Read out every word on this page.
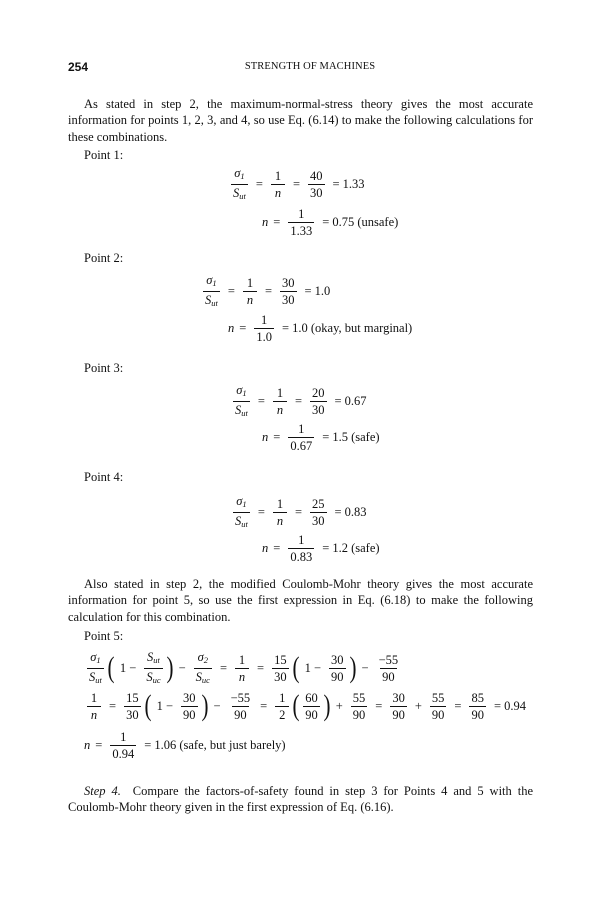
254	STRENGTH OF MACHINES
As stated in step 2, the maximum-normal-stress theory gives the most accurate information for points 1, 2, 3, and 4, so use Eq. (6.14) to make the following calculations for these combinations.
Point 1:
$\frac{\sigma_1}{S_{ut}} = \frac{1}{n} = \frac{40}{30} = 1.33$
$n = \frac{1}{1.33} = 0.75$ (unsafe)
Point 2:
$\frac{\sigma_1}{S_{ut}} = \frac{1}{n} = \frac{30}{30} = 1.0$
$n = \frac{1}{1.0} = 1.0$ (okay, but marginal)
Point 3:
$\frac{\sigma_1}{S_{ut}} = \frac{1}{n} = \frac{20}{30} = 0.67$
$n = \frac{1}{0.67} = 1.5$ (safe)
Point 4:
$\frac{\sigma_1}{S_{ut}} = \frac{1}{n} = \frac{25}{30} = 0.83$
$n = \frac{1}{0.83} = 1.2$ (safe)
Also stated in step 2, the modified Coulomb-Mohr theory gives the most accurate information for point 5, so use the first expression in Eq. (6.18) to make the following calculation for this combination.
Point 5:
$\frac{\sigma_1}{S_{ut}}$ ( $1 - \frac{S_{ut}}{S_{uc}}$ ) − $\frac{\sigma_2}{S_{uc}} = \frac{1}{n} = \frac{15}{30}$ ( $1 - \frac{30}{90}$ ) − $\frac{-55}{90}$
$\frac{1}{n} = \frac{15}{30}$ ( $1 - \frac{30}{90}$ ) − $\frac{-55}{90} = \frac{1}{2}$ ( $\frac{60}{90}$ ) + $\frac{55}{90} = \frac{30}{90} + \frac{55}{90} = \frac{85}{90} = 0.94$
$n = \frac{1}{0.94} = 1.06$ (safe, but just barely)
Step 4. Compare the factors-of-safety found in step 3 for Points 4 and 5 with the Coulomb-Mohr theory given in the first expression of Eq. (6.16).
